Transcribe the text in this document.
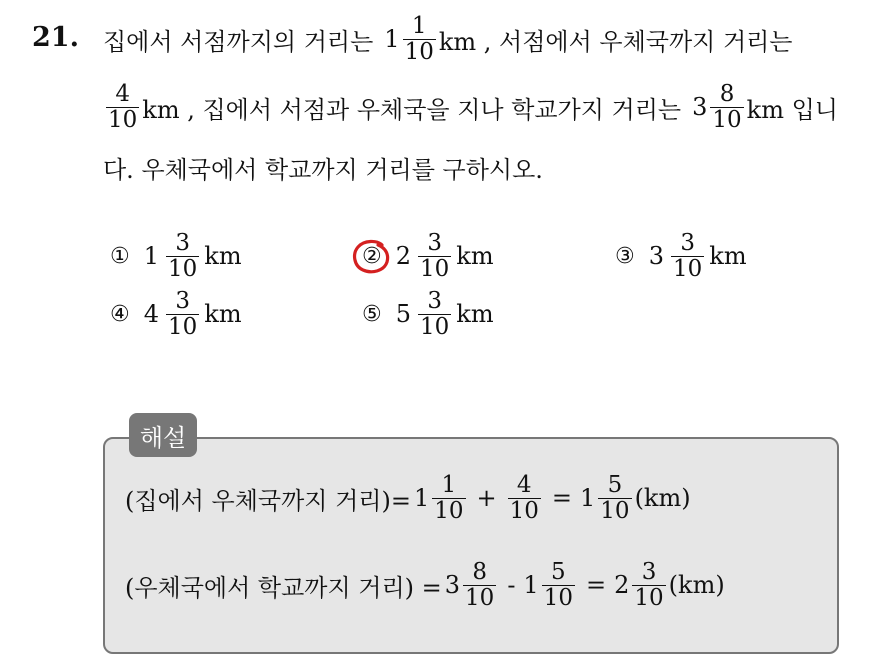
21. 집에서 서점까지의 거리는 $1 \frac{1}{10}$ km , 서점에서 우체국까지 거리는
$\frac{4}{10}$ km , 집에서 서점과 우체국을 지나 학교가지 거리는 $3 \frac{8}{10}$ km 입니
다. 우체국에서 학교까지 거리를 구하시오.
① $1 \frac{3}{10}$ km	② $2 \frac{3}{10}$ km	③ $3 \frac{3}{10}$ km
④ $4 \frac{3}{10}$ km	⑤ $5 \frac{3}{10}$ km
해설
(집에서 우체국까지 거리)= $1 \frac{1}{10} + \frac{4}{10} = 1 \frac{5}{10} (km)$
(우체국에서 학교까지 거리) = $3 \frac{8}{10} - 1 \frac{5}{10} = 2 \frac{3}{10} (km)$
